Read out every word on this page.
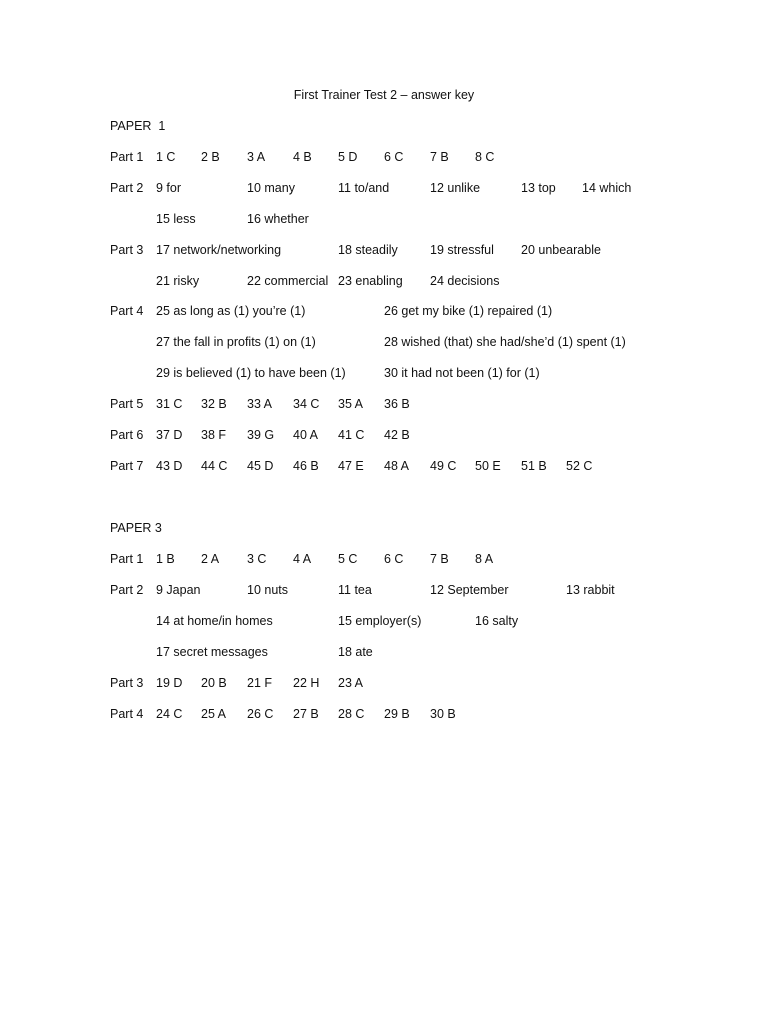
First Trainer Test 2 – answer key
PAPER  1
Part 1 1 C 2 B 3 A 4 B 5 D 6 C 7 B 8 C
Part 2 9 for	10 many	11 to/and	12 unlike	13 top 14 which
15 less	16 whether
Part 3 17 network/networking	18 steadily	19 stressful 20 unbearable
21 risky	22 commercial 23 enabling 24 decisions
Part 4 25 as long as (1) you’re (1)	26 get my bike (1) repaired (1)
27 the fall in profits (1) on (1)	28 wished (that) she had/she’d (1) spent (1)
29 is believed (1) to have been (1)	30 it had not been (1) for (1)
Part 5 31 C 32 B 33 A 34 C 35 A 36 B
Part 6 37 D 38 F 39 G 40 A 41 C 42 B
Part 7 43 D 44 C 45 D 46 B 47 E 48 A 49 C 50 E 51 B 52 C
PAPER 3
Part 1 1 B 2 A 3 C 4 A 5 C 6 C 7 B 8 A
Part 2 9 Japan	10 nuts	11 tea	12 September	13 rabbit
14 at home/in homes	15 employer(s)	16 salty
17 secret messages	18 ate
Part 3 19 D 20 B 21 F 22 H 23 A
Part 4 24 C 25 A 26 C 27 B 28 C 29 B 30 B
